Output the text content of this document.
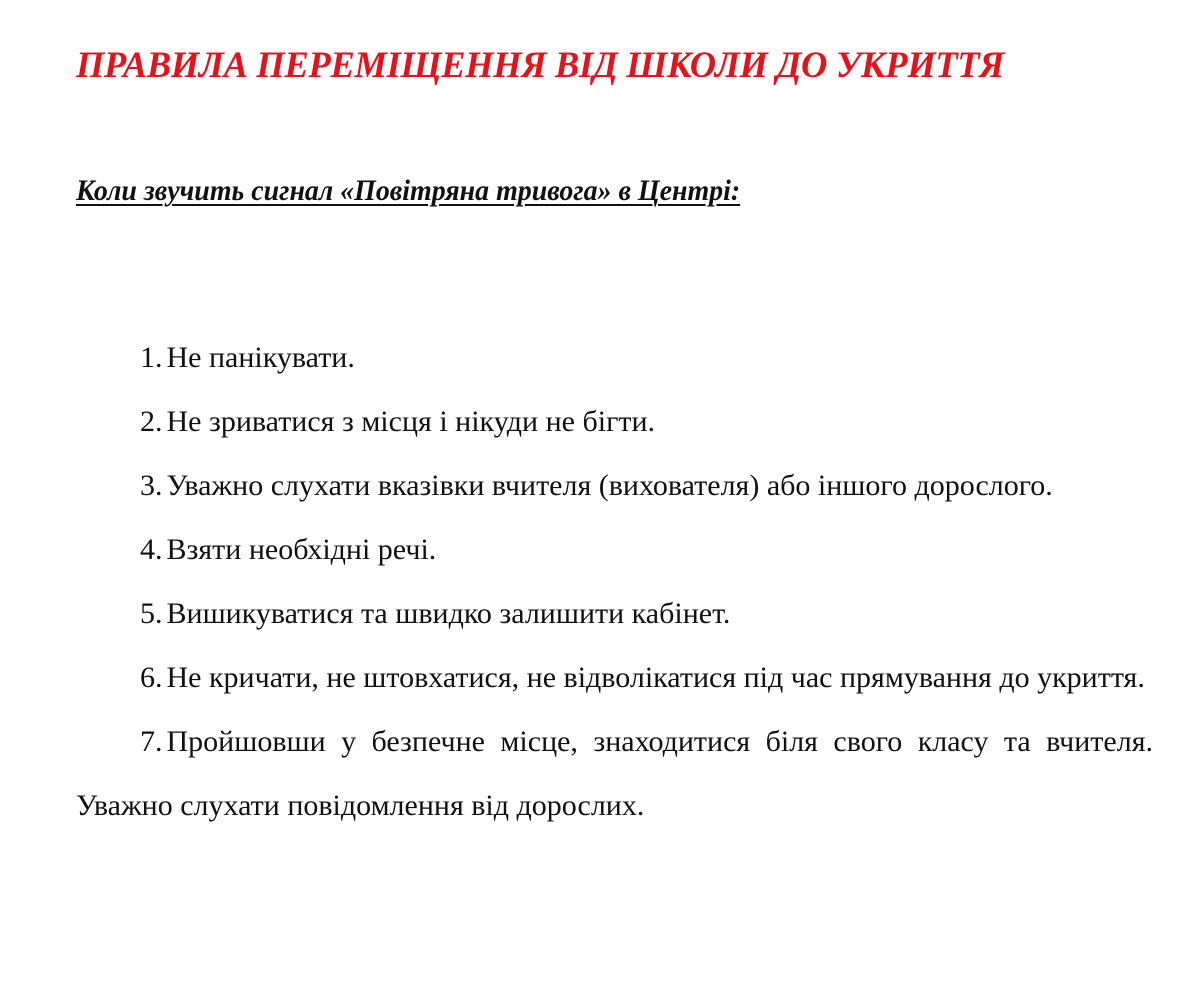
ПРАВИЛА ПЕРЕМІЩЕННЯ ВІД ШКОЛИ ДО УКРИТТЯ
Коли звучить сигнал «Повітряна тривога» в Центрі:

1. Не панікувати.

2. Не зриватися з місця і нікуди не бігти.

3. Уважно слухати вказівки вчителя (вихователя) або іншого дорослого.

4. Взяти необхідні речі.

5. Вишикуватися та швидко залишити кабінет.

6. Не кричати, не штовхатися, не відволікатися під час прямування до укриття.

7. Пройшовши у безпечне місце, знаходитися біля свого класу та вчителя. Уважно слухати повідомлення від дорослих.
